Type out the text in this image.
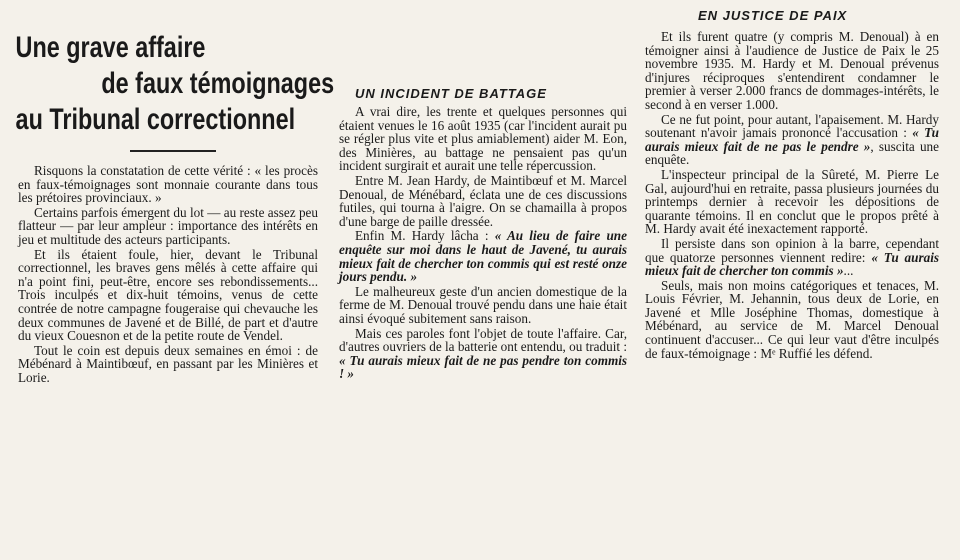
Une grave affaire
de faux témoignages
au Tribunal correctionnel

Risquons la constatation de cette vérité : « les procès en faux-témoignages sont monnaie courante dans tous les prétoires provinciaux. »

Certains parfois émergent du lot — au reste assez peu flatteur — par leur ampleur : importance des intérêts en jeu et multitude des acteurs participants.

Et ils étaient foule, hier, devant le Tribunal correctionnel, les braves gens mêlés à cette affaire qui n'a point fini, peut-être, encore ses rebondissements... Trois inculpés et dix-huit témoins, venus de cette contrée de notre campagne fougeraise qui chevauche les deux communes de Javené et de Billé, de part et d'autre du vieux Couesnon et de la petite route de Vendel.

Tout le coin est depuis deux semaines en émoi : de Mébénard à Maintibœuf, en passant par les Minières et Lorie.

UN INCIDENT DE BATTAGE

A vrai dire, les trente et quelques personnes qui étaient venues le 16 août 1935 (car l'incident aurait pu se régler plus vite et plus amiablement) aider M. Eon, des Minières, au battage ne pensaient pas qu'un incident surgirait et aurait une telle répercussion.

Entre M. Jean Hardy, de Maintibœuf et M. Marcel Denoual, de Ménébard, éclata une de ces discussions futiles, qui tourna à l'aigre. On se chamailla à propos d'une barge de paille dressée.

Enfin M. Hardy lâcha : « Au lieu de faire une enquête sur moi dans le haut de Javené, tu aurais mieux fait de chercher ton commis qui est resté onze jours pendu. »

Le malheureux geste d'un ancien domestique de la ferme de M. Denoual trouvé pendu dans une haie était ainsi évoqué subitement sans raison.

Mais ces paroles font l'objet de toute l'affaire. Car, d'autres ouvriers de la batterie ont entendu, ou traduit : « Tu aurais mieux fait de ne pas pendre ton commis ! »

EN JUSTICE DE PAIX

Et ils furent quatre (y compris M. Denoual) à en témoigner ainsi à l'audience de Justice de Paix le 25 novembre 1935. M. Hardy et M. Denoual prévenus d'injures réciproques s'entendirent condamner le premier à verser 2.000 francs de dommages-intérêts, le second à en verser 1.000.

Ce ne fut point, pour autant, l'apaisement. M. Hardy soutenant n'avoir jamais prononcé l'accusation : « Tu aurais mieux fait de ne pas le pendre », suscita une enquête.

L'inspecteur principal de la Sûreté, M. Pierre Le Gal, aujourd'hui en retraite, passa plusieurs journées du printemps dernier à recevoir les dépositions de quarante témoins. Il en conclut que le propos prêté à M. Hardy avait été inexactement rapporté.

Il persiste dans son opinion à la barre, cependant que quatorze personnes viennent redire: « Tu aurais mieux fait de chercher ton commis »...

Seuls, mais non moins catégoriques et tenaces, M. Louis Février, M. Jehannin, tous deux de Lorie, en Javené et Mlle Joséphine Thomas, domestique à Mébénard, au service de M. Marcel Denoual continuent d'accuser... Ce qui leur vaut d'être inculpés de faux-témoignage : Mᵉ Ruffié les défend.
